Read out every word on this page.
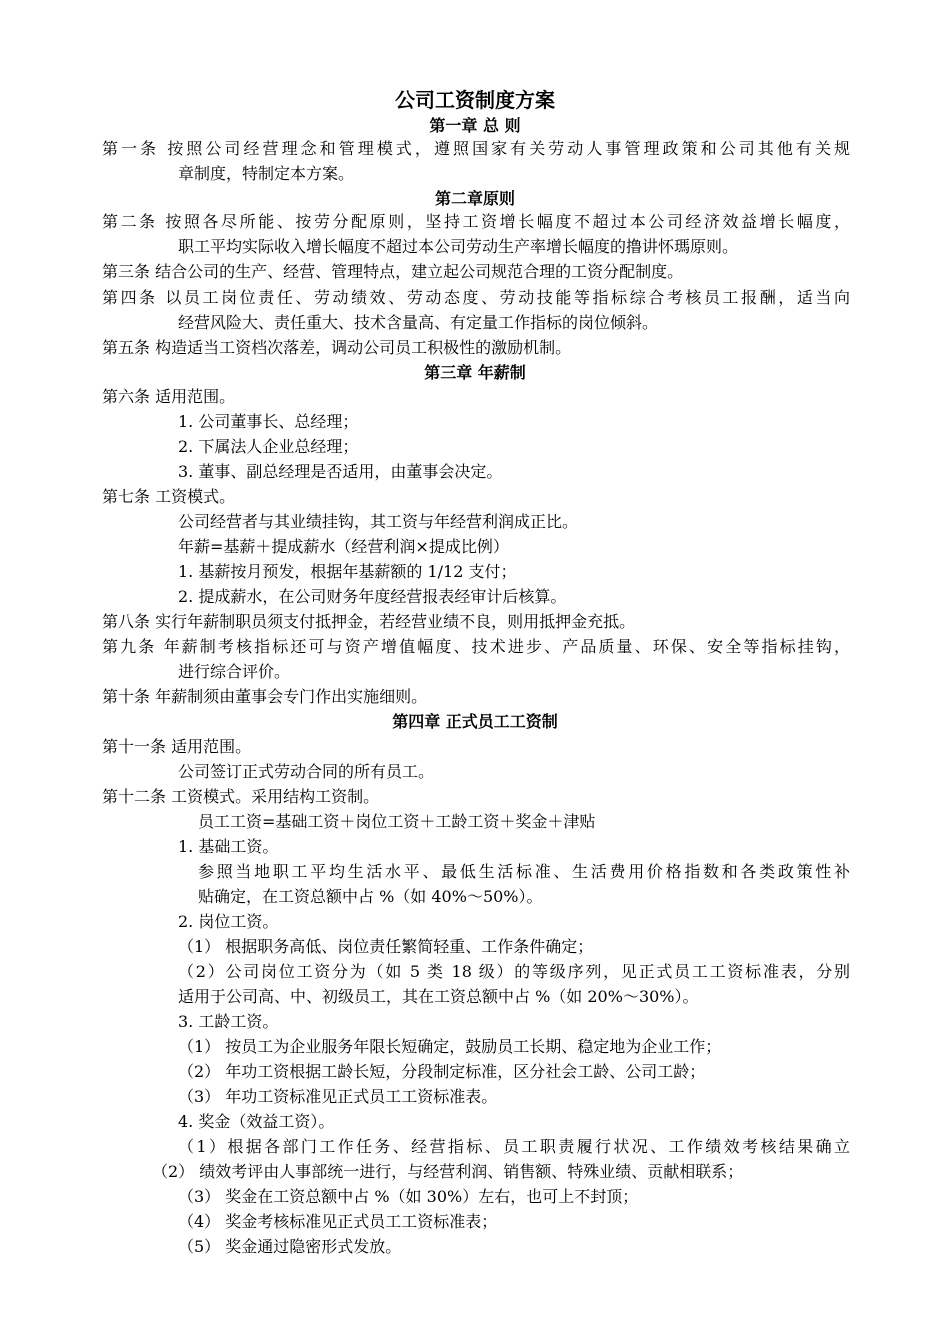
公司工资制度方案
第一章 总 则
第一条 按照公司经营理念和管理模式，遵照国家有关劳动人事管理政策和公司其他有关规
章制度，特制定本方案。
第二章原则
第二条 按照各尽所能、按劳分配原则，坚持工资增长幅度不超过本公司经济效益增长幅度，
职工平均实际收入增长幅度不超过本公司劳动生产率增长幅度的撸讲怀瑪原则。
第三条 结合公司的生产、经营、管理特点，建立起公司规范合理的工资分配制度。
第四条 以员工岗位责任、劳动绩效、劳动态度、劳动技能等指标综合考核员工报酬，适当向
经营风险大、责任重大、技术含量高、有定量工作指标的岗位倾斜。
第五条 构造适当工资档次落差，调动公司员工积极性的激励机制。
第三章 年薪制
第六条 适用范围。
1. 公司董事长、总经理；
2. 下属法人企业总经理；
3. 董事、副总经理是否适用，由董事会决定。
第七条 工资模式。
公司经营者与其业绩挂钩，其工资与年经营利润成正比。
年薪=基薪＋提成薪水（经营利润×提成比例）
1. 基薪按月预发，根据年基薪额的 1/12 支付；
2. 提成薪水，在公司财务年度经营报表经审计后核算。
第八条 实行年薪制职员须支付抵押金，若经营业绩不良，则用抵押金充抵。
第九条 年薪制考核指标还可与资产增值幅度、技术进步、产品质量、环保、安全等指标挂钩，
进行综合评价。
第十条 年薪制须由董事会专门作出实施细则。
第四章 正式员工工资制
第十一条 适用范围。
公司签订正式劳动合同的所有员工。
第十二条 工资模式。采用结构工资制。
员工工资=基础工资＋岗位工资＋工龄工资＋奖金＋津贴
1. 基础工资。
参照当地职工平均生活水平、最低生活标准、生活费用价格指数和各类政策性补
贴确定，在工资总额中占 %（如 40%～50%）。
2. 岗位工资。
（1） 根据职务高低、岗位责任繁简轻重、工作条件确定；
（2）公司岗位工资分为（如 5 类 18 级）的等级序列，见正式员工工资标准表，分别
适用于公司高、中、初级员工，其在工资总额中占 %（如 20%～30%）。
3. 工龄工资。
（1） 按员工为企业服务年限长短确定，鼓励员工长期、稳定地为企业工作；
（2） 年功工资根据工龄长短，分段制定标准，区分社会工龄、公司工龄；
（3） 年功工资标准见正式员工工资标准表。
4. 奖金（效益工资）。
（1）根据各部门工作任务、经营指标、员工职责履行状况、工作绩效考核结果确立
（2） 绩效考评由人事部统一进行，与经营利润、销售额、特殊业绩、贡献相联系；
（3） 奖金在工资总额中占 %（如 30%）左右，也可上不封顶；
（4） 奖金考核标准见正式员工工资标准表；
（5） 奖金通过隐密形式发放。
